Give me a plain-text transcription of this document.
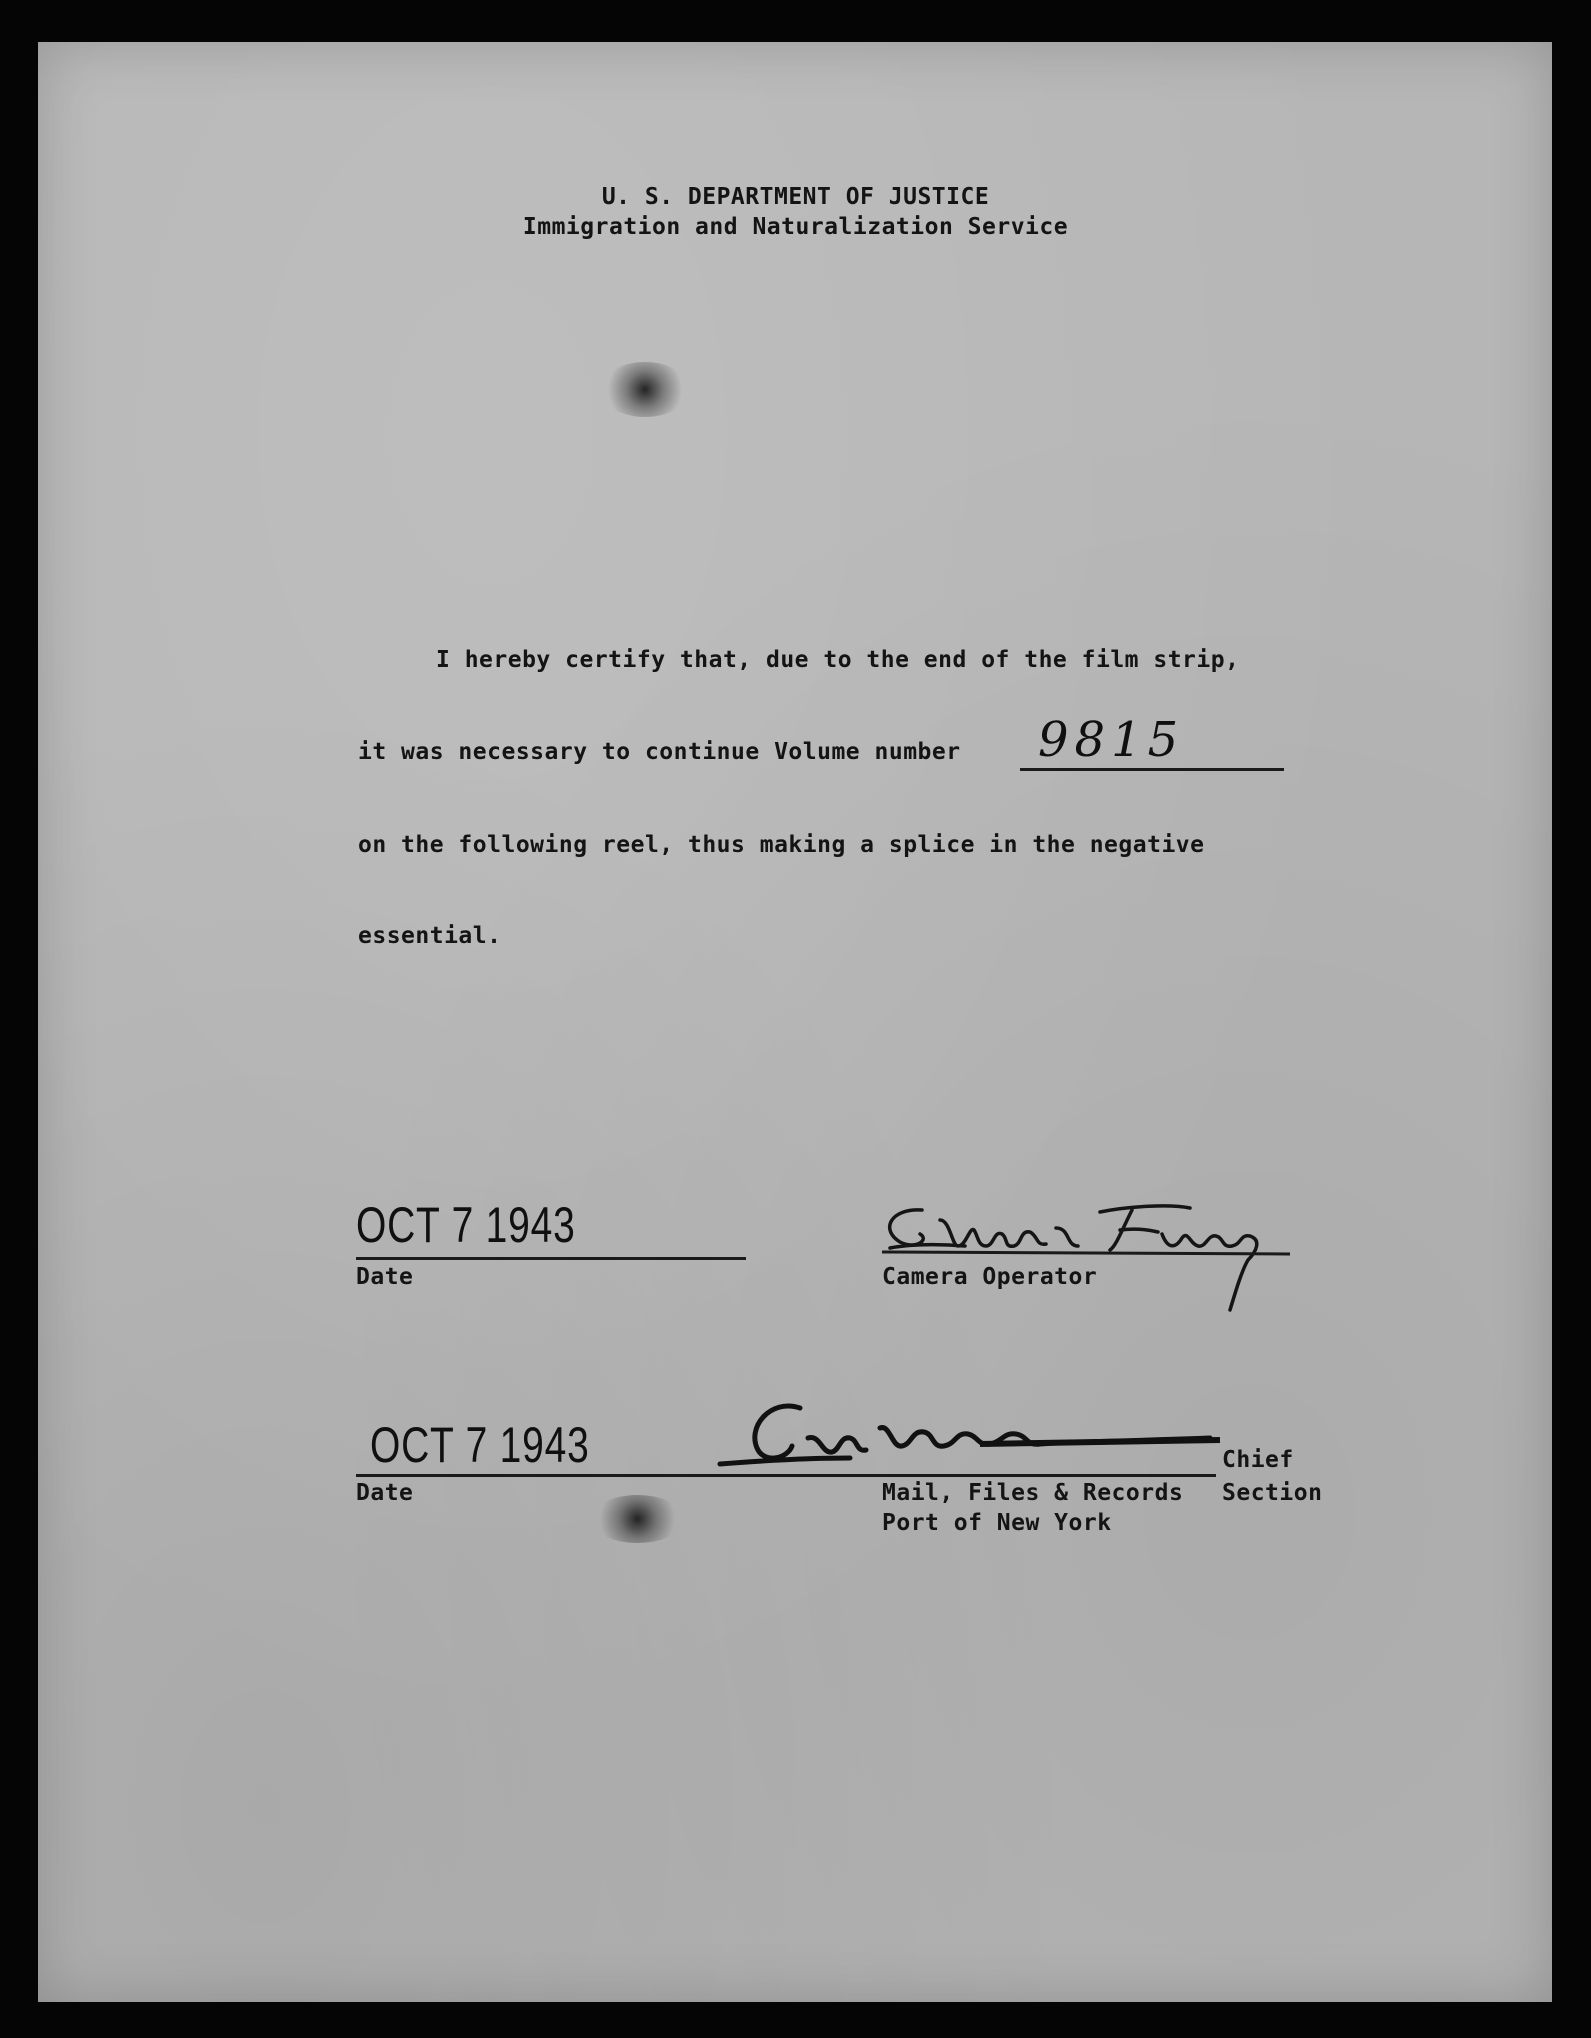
U. S. DEPARTMENT OF JUSTICE
Immigration and Naturalization Service
I hereby certify that, due to the end of the film strip,
it was necessary to continue Volume number 9815
on the following reel, thus making a splice in the negative
essential.
OCT 7 1943
Date	Camera Operator
OCT 7 1943
Date
Chief
Mail, Files & Records Section
Port of New York
